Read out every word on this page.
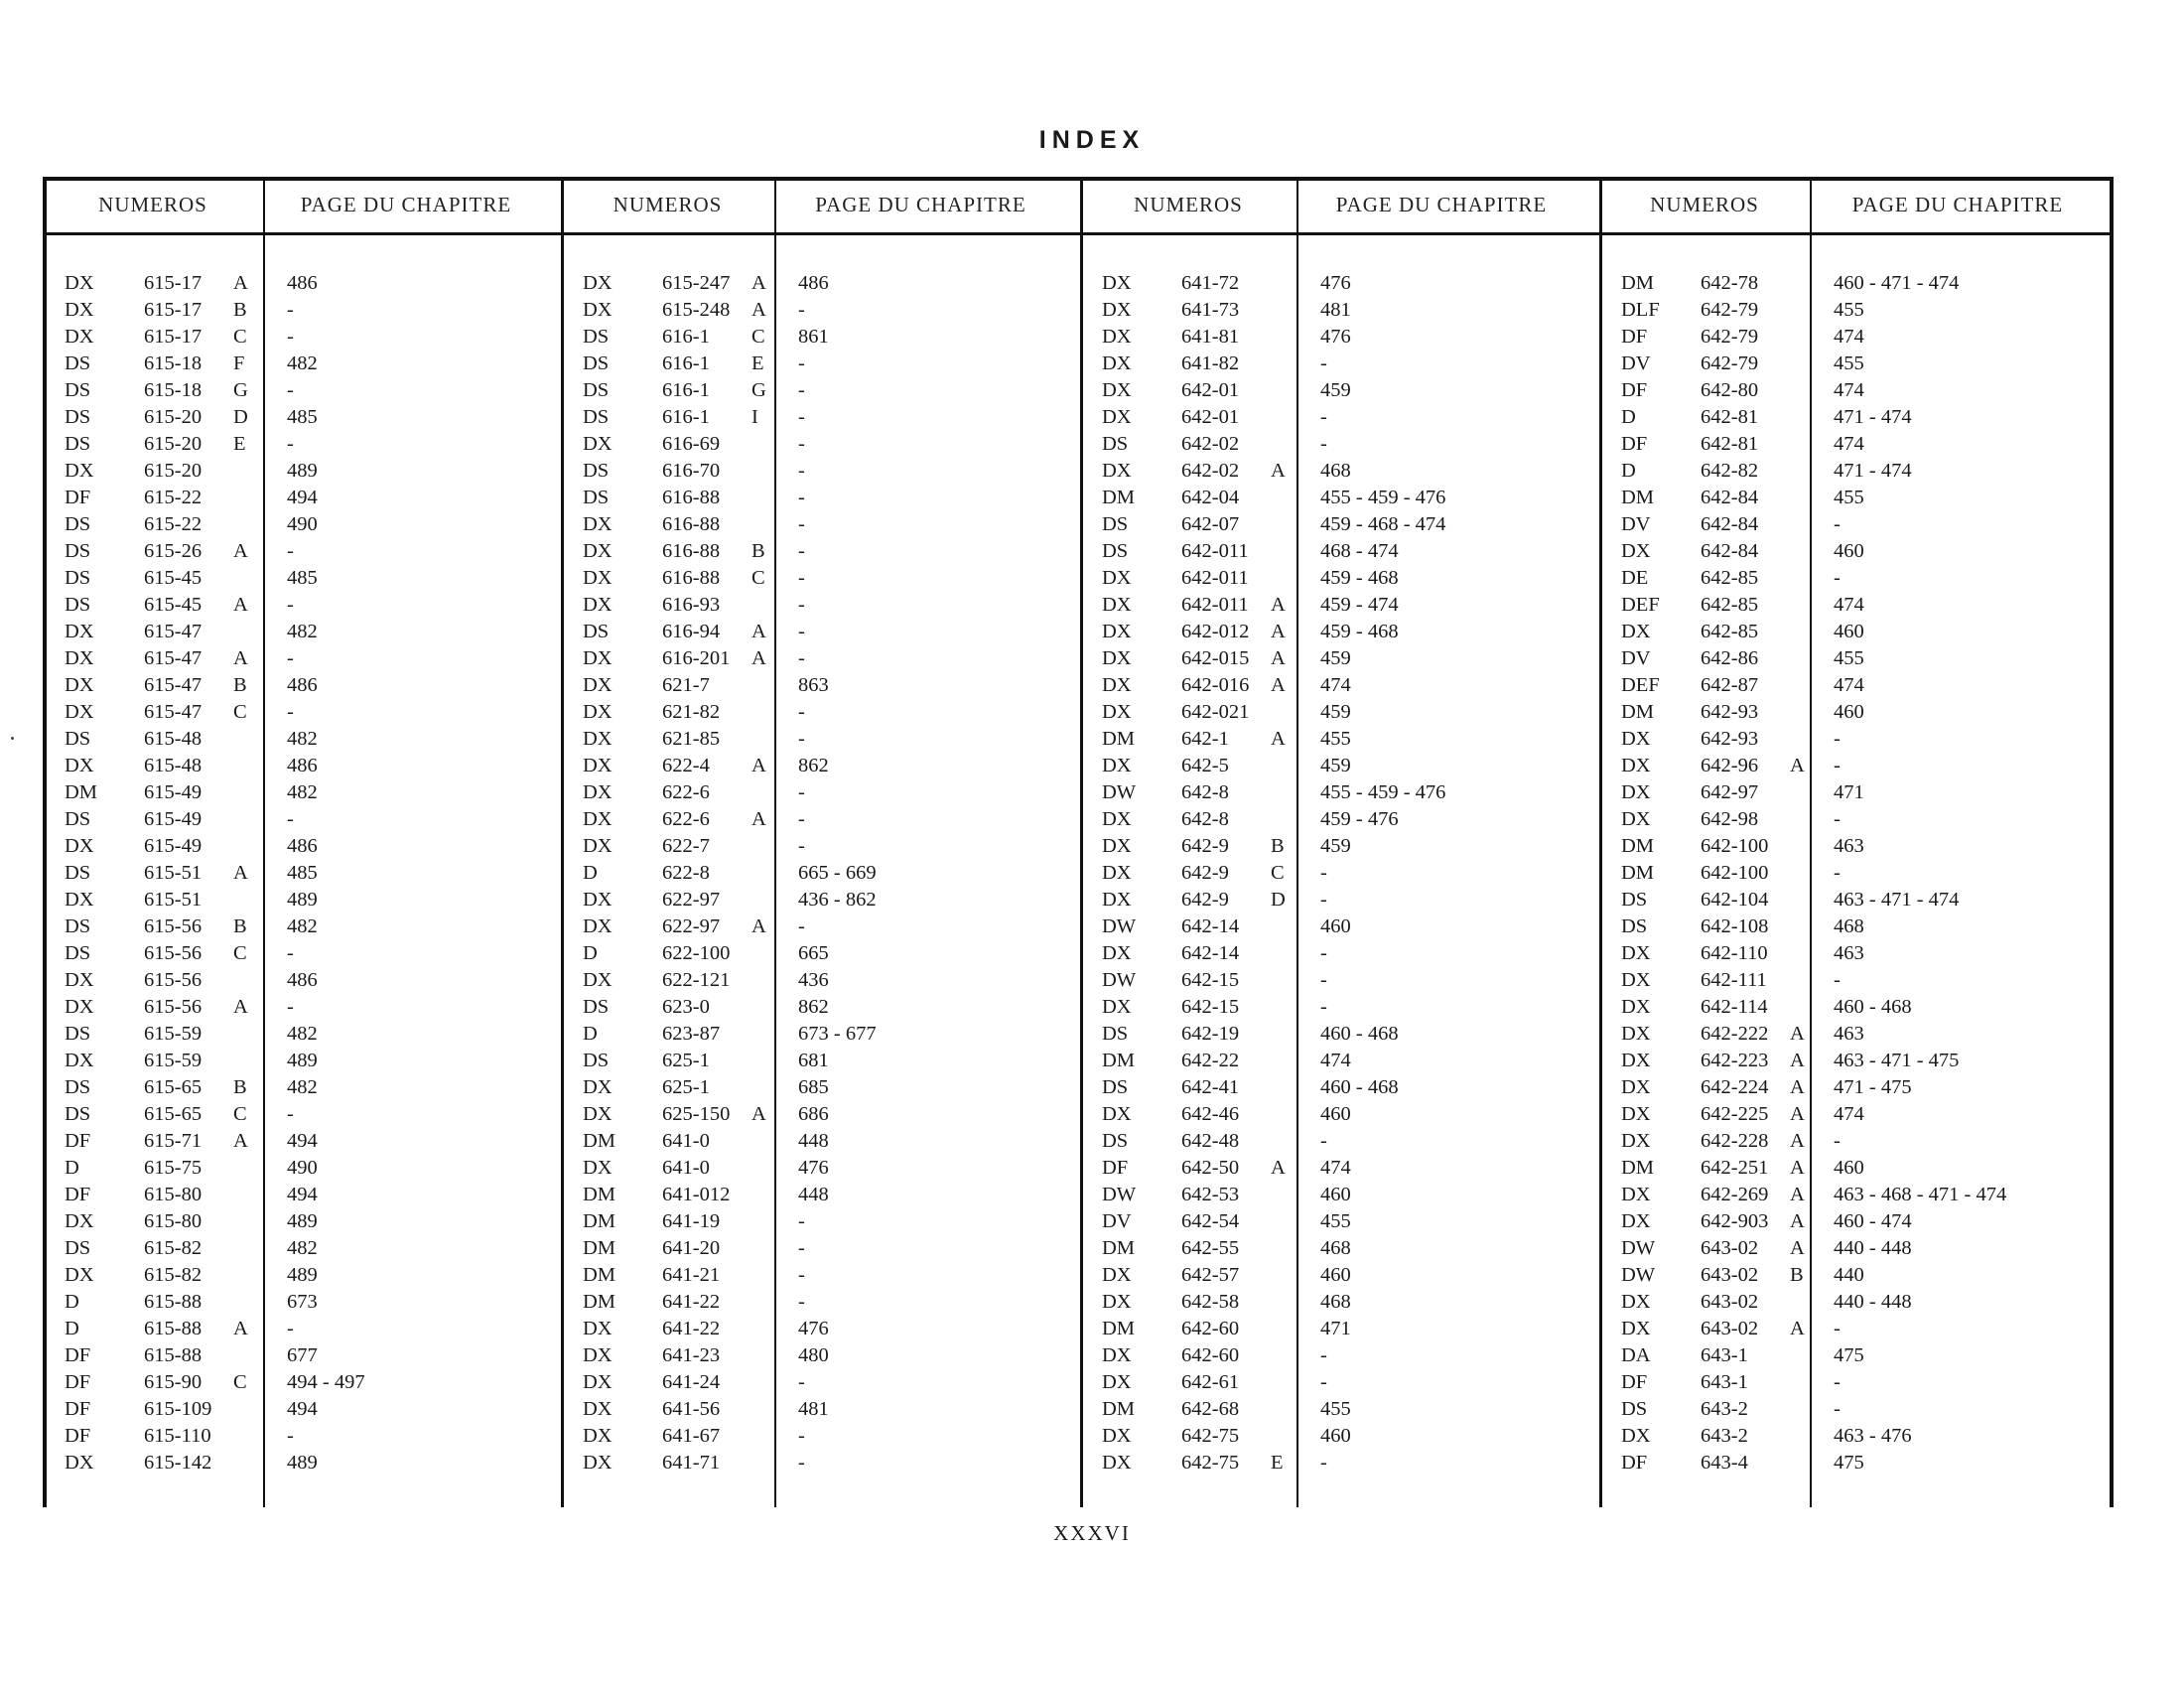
INDEX
NUMEROS	PAGE DU CHAPITRE
DX 615-17 A 486
DX 615-17 B -
DX 615-17 C -
DS	615-18 F 482
DS	615-18 G -
DS	615-20 D 485
DS	615-20 E -
DX 615-20	489
DF	615-22	494
DS	615-22	490
DS	615-26 A -
DS	615-45	485
DS	615-45 A -
DX 615-47	482
DX 615-47 A -
DX 615-47 B 486
DX 615-47 C -
DS	615-48	482
DX 615-48	486
DM 615-49	482
DS	615-49	-
DX 615-49	486
DS	615-51 A 485
DX 615-51	489
DS	615-56 B 482
DS	615-56 C -
DX 615-56	486
DX 615-56 A -
DS	615-59	482
DX 615-59	489
DS	615-65 B 482
DS	615-65 C -
DF	615-71 A 494
D	615-75	490
DF	615-80	494
DX 615-80	489
DS	615-82	482
DX 615-82	489
D	615-88	673
D	615-88 A -
DF	615-88	677
DF	615-90 C 494 - 497
DF	615-109	494
DF	615-110	-
DX 615-142	489
NUMEROS	PAGE DU CHAPITRE
DX 615-247 A 486
DX 615-248 A -
DS	616-1 C 861
DS	616-1 E -
DS	616-1 G -
DS	616-1 I -
DX 616-69	-
DS	616-70	-
DS	616-88	-
DX 616-88	-
DX 616-88 B -
DX 616-88 C -
DX 616-93	-
DS	616-94 A -
DX 616-201 A -
DX 621-7	863
DX 621-82	-
DX 621-85	-
DX 622-4 A 862
DX 622-6	-
DX 622-6 A -
DX 622-7	-
D	622-8	665 - 669
DX 622-97	436 - 862
DX 622-97 A -
D	622-100	665
DX 622-121	436
DS	623-0	862
D	623-87	673 - 677
DS	625-1	681
DX 625-1	685
DX 625-150 A 686
DM 641-0	448
DX 641-0	476
DM 641-012	448
DM 641-19	-
DM 641-20	-
DM 641-21	-
DM 641-22	-
DX 641-22	476
DX 641-23	480
DX 641-24	-
DX 641-56	481
DX 641-67	-
DX 641-71	-
NUMEROS	PAGE DU CHAPITRE
DX 641-72	476
DX 641-73	481
DX 641-81	476
DX 641-82	-
DX 642-01	459
DX 642-01	-
DS	642-02	-
DX 642-02 A 468
DM 642-04	455 - 459 - 476
DS	642-07	459 - 468 - 474
DS	642-011	468 - 474
DX 642-011	459 - 468
DX 642-011 A 459 - 474
DX 642-012 A 459 - 468
DX 642-015 A 459
DX 642-016 A 474
DX 642-021	459
DM 642-1 A 455
DX 642-5	459
DW 642-8	455 - 459 - 476
DX 642-8	459 - 476
DX 642-9 B 459
DX 642-9 C -
DX 642-9 D -
DW 642-14	460
DX 642-14	-
DW 642-15	-
DX 642-15	-
DS	642-19	460 - 468
DM 642-22	474
DS	642-41	460 - 468
DX 642-46	460
DS	642-48	-
DF	642-50 A 474
DW 642-53	460
DV 642-54	455
DM 642-55	468
DX 642-57	460
DX 642-58	468
DM 642-60	471
DX 642-60	-
DX 642-61	-
DM 642-68	455
DX 642-75	460
DX 642-75 E -
NUMEROS	PAGE DU CHAPITRE
DM 642-78	460 - 471 - 474
DLF 642-79	455
DF	642-79	474
DV 642-79	455
DF	642-80	474
D	642-81	471 - 474
DF	642-81	474
D	642-82	471 - 474
DM 642-84	455
DV 642-84	-
DX 642-84	460
DE	642-85	-
DEF 642-85	474
DX 642-85	460
DV 642-86	455
DEF 642-87	474
DM 642-93	460
DX 642-93	-
DX 642-96 A -
DX 642-97	471
DX 642-98	-
DM 642-100	463
DM 642-100	-
DS	642-104	463 - 471 - 474
DS	642-108	468
DX 642-110	463
DX 642-111	-
DX 642-114	460 - 468
DX 642-222 A 463
DX 642-223 A 463 - 471 - 475
DX 642-224 A 471 - 475
DX 642-225 A 474
DX 642-228 A -
DM 642-251 A 460
DX 642-269 A 463 - 468 - 471 - 474
DX 642-903 A 460 - 474
DW 643-02 A 440 - 448
DW 643-02 B 440
DX 643-02	440 - 448
DX 643-02 A -
DA 643-1	475
DF	643-1	-
DS	643-2	-
DX 643-2	463 - 476
DF	643-4	475
XXXVI
